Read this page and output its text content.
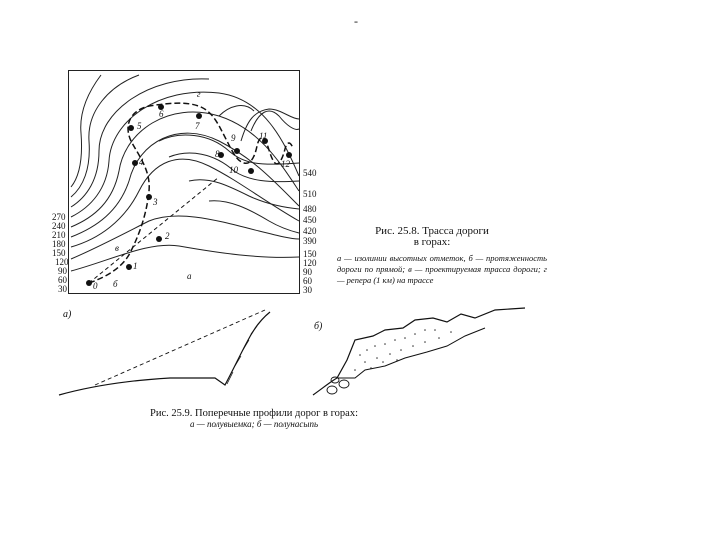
-
0
1
2
3
4
5
6
7
8
9
10
11
12
а
б
в
г
270
240
210
180
150
120
90
60
30
540
510
480
450
420
390
150
120
90
60
30
Рис. 25.8. Трасса дороги
в горах:
а — изолинии высотных отметок, б — протяженность дороги по прямой; в — проектируемая трасса дороги; г — репера (1 км) на трассе
а)
б)
Рис. 25.9. Поперечные профили дорог в горах:
а — полувыемка; б — полунасыпь
